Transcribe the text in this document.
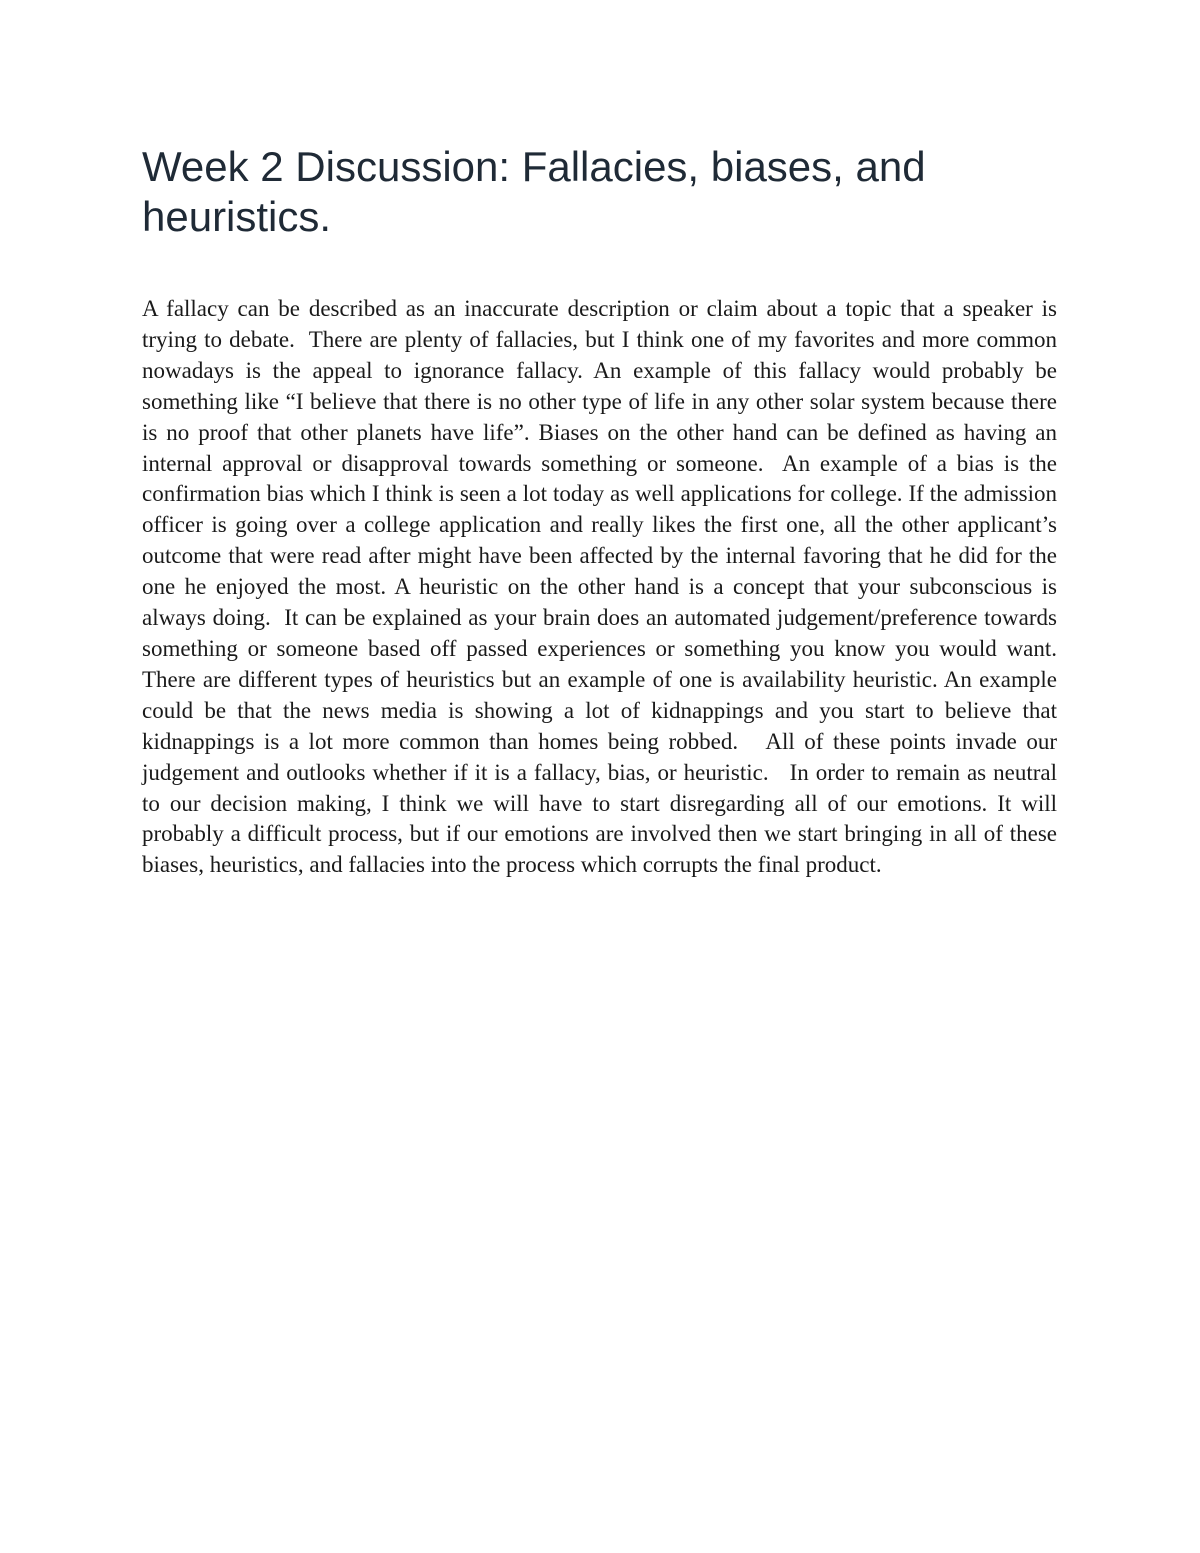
Week 2 Discussion: Fallacies, biases, and heuristics.

A fallacy can be described as an inaccurate description or claim about a topic that a speaker is trying to debate.  There are plenty of fallacies, but I think one of my favorites and more common nowadays is the appeal to ignorance fallacy. An example of this fallacy would probably be something like “I believe that there is no other type of life in any other solar system because there is no proof that other planets have life”. Biases on the other hand can be defined as having an internal approval or disapproval towards something or someone.  An example of a bias is the confirmation bias which I think is seen a lot today as well applications for college. If the admission officer is going over a college application and really likes the first one, all the other applicant’s outcome that were read after might have been affected by the internal favoring that he did for the one he enjoyed the most. A heuristic on the other hand is a concept that your subconscious is always doing.  It can be explained as your brain does an automated judgement/preference towards something or someone based off passed experiences or something you know you would want. There are different types of heuristics but an example of one is availability heuristic. An example could be that the news media is showing a lot of kidnappings and you start to believe that kidnappings is a lot more common than homes being robbed.   All of these points invade our judgement and outlooks whether if it is a fallacy, bias, or heuristic.   In order to remain as neutral to our decision making, I think we will have to start disregarding all of our emotions. It will probably a difficult process, but if our emotions are involved then we start bringing in all of these biases, heuristics, and fallacies into the process which corrupts the final product.
